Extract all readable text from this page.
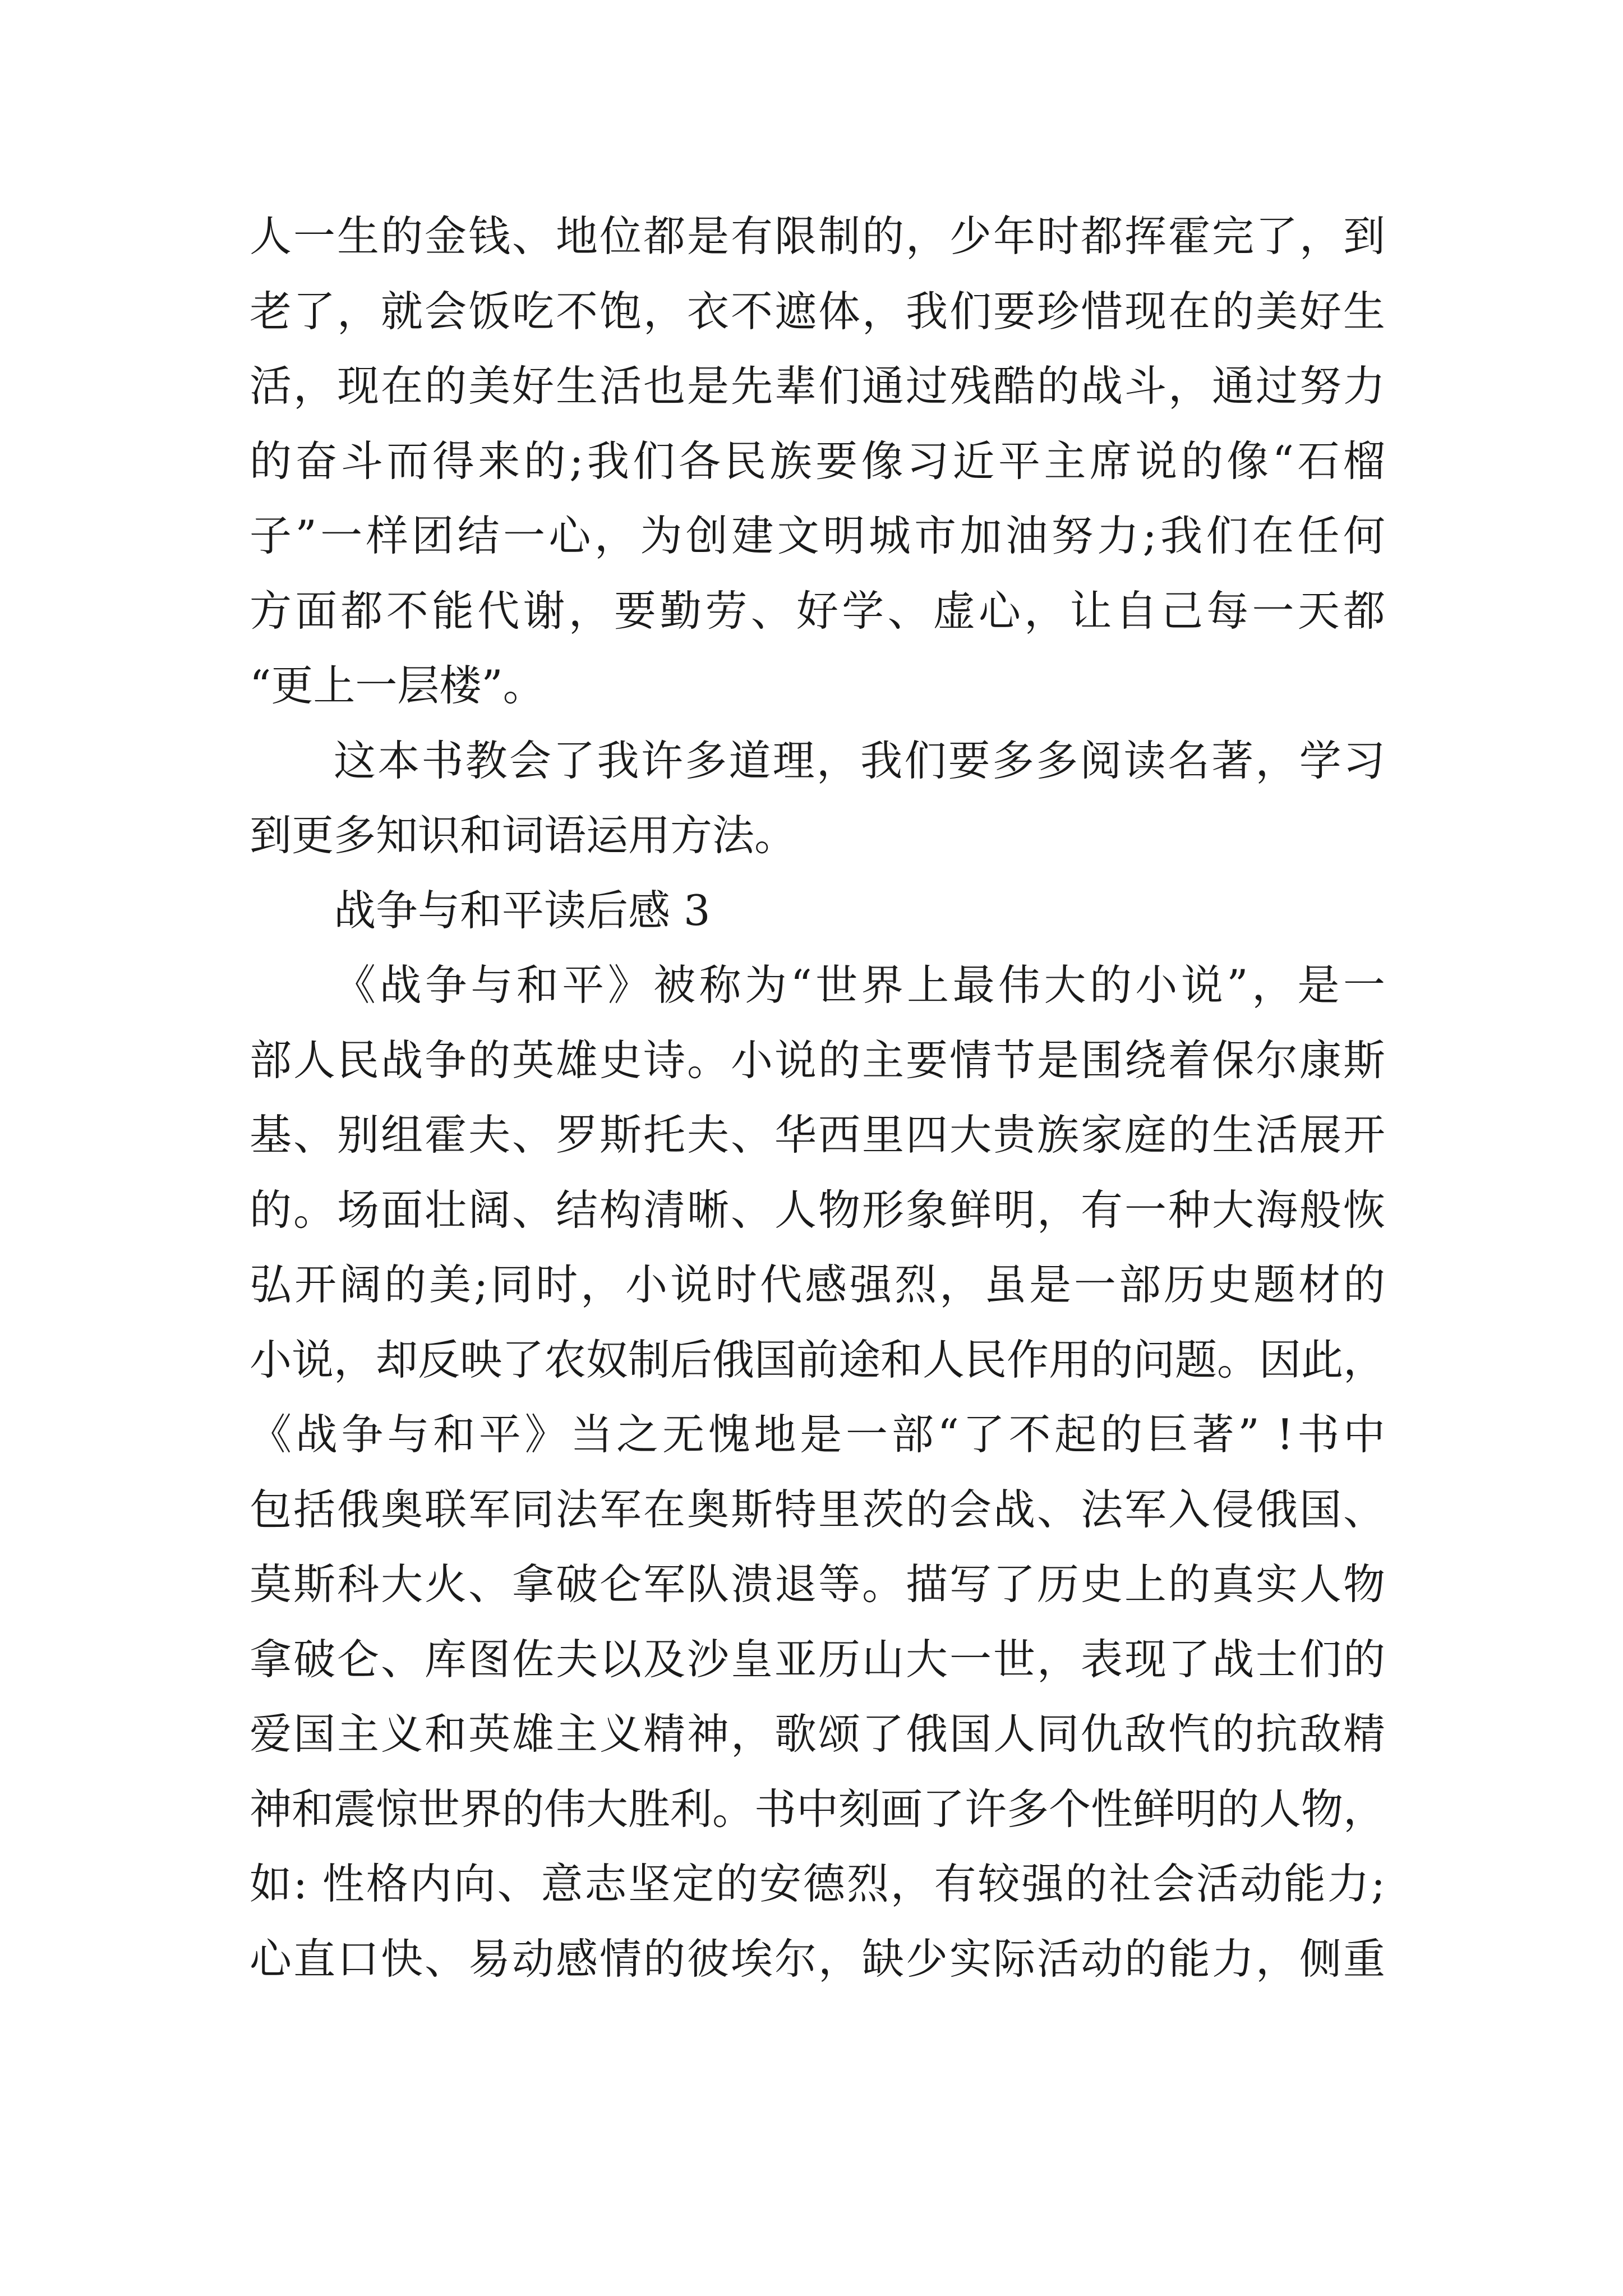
人一生的金钱、地位都是有限制的，少年时都挥霍完了，到
老了，就会饭吃不饱，衣不遮体，我们要珍惜现在的美好生
活，现在的美好生活也是先辈们通过残酷的战斗，通过努力
的奋斗而得来的;我们各民族要像习近平主席说的像“石榴
子”一样团结一心，为创建文明城市加油努力;我们在任何
方面都不能代谢，要勤劳、好学、虚心，让自己每一天都
“更上一层楼”。
这本书教会了我许多道理，我们要多多阅读名著，学习
到更多知识和词语运用方法。
战争与和平读后感 3
《战争与和平》被称为“世界上最伟大的小说”，是一
部人民战争的英雄史诗。小说的主要情节是围绕着保尔康斯
基、别组霍夫、罗斯托夫、华西里四大贵族家庭的生活展开
的。场面壮阔、结构清晰、人物形象鲜明，有一种大海般恢
弘开阔的美;同时，小说时代感强烈，虽是一部历史题材的
小说，却反映了农奴制后俄国前途和人民作用的问题。因此，
《战争与和平》当之无愧地是一部“了不起的巨著” !书中
包括俄奥联军同法军在奥斯特里茨的会战、法军入侵俄国、
莫斯科大火、拿破仑军队溃退等。描写了历史上的真实人物
拿破仑、库图佐夫以及沙皇亚历山大一世，表现了战士们的
爱国主义和英雄主义精神，歌颂了俄国人同仇敌忾的抗敌精
神和震惊世界的伟大胜利。书中刻画了许多个性鲜明的人物，
如: 性格内向、意志坚定的安德烈，有较强的社会活动能力;
心直口快、易动感情的彼埃尔，缺少实际活动的能力，侧重
